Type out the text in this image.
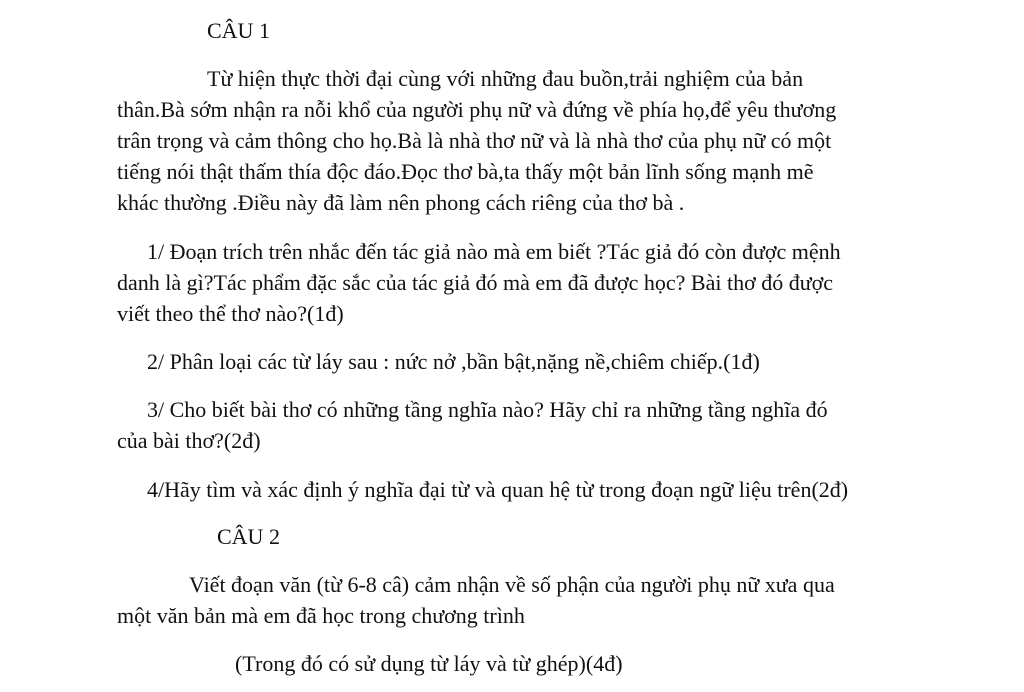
CÂU 1
Từ hiện thực thời đại cùng với những đau buồn,trải nghiệm của bản
thân.Bà sớm nhận ra nỗi khổ của người phụ nữ và đứng về phía họ,để yêu thương
trân trọng và cảm thông cho họ.Bà là nhà thơ nữ và là nhà thơ của phụ nữ có một
tiếng nói thật thấm thía độc đáo.Đọc thơ bà,ta thấy một bản lĩnh sống mạnh mẽ
khác thường .Điều này đã làm nên phong cách riêng của thơ bà .
1/ Đoạn trích trên nhắc đến tác giả nào mà em biết ?Tác giả đó còn được mệnh
danh là gì?Tác phẩm đặc sắc của tác giả đó mà em đã được học? Bài thơ đó được
viết theo thể thơ nào?(1đ)
2/ Phân loại các từ láy sau : nức nở ,bần bật,nặng nề,chiêm chiếp.(1đ)
3/ Cho biết bài thơ có những tầng nghĩa nào? Hãy chỉ ra những tầng nghĩa đó
của bài thơ?(2đ)
4/Hãy tìm và xác định ý nghĩa đại từ và quan hệ từ trong đoạn ngữ liệu trên(2đ)
CÂU 2
Viết đoạn văn (từ 6-8 câ) cảm nhận về số phận của người phụ nữ xưa qua
một văn bản mà em đã học trong chương trình
(Trong đó có sử dụng từ láy và từ ghép)(4đ)
